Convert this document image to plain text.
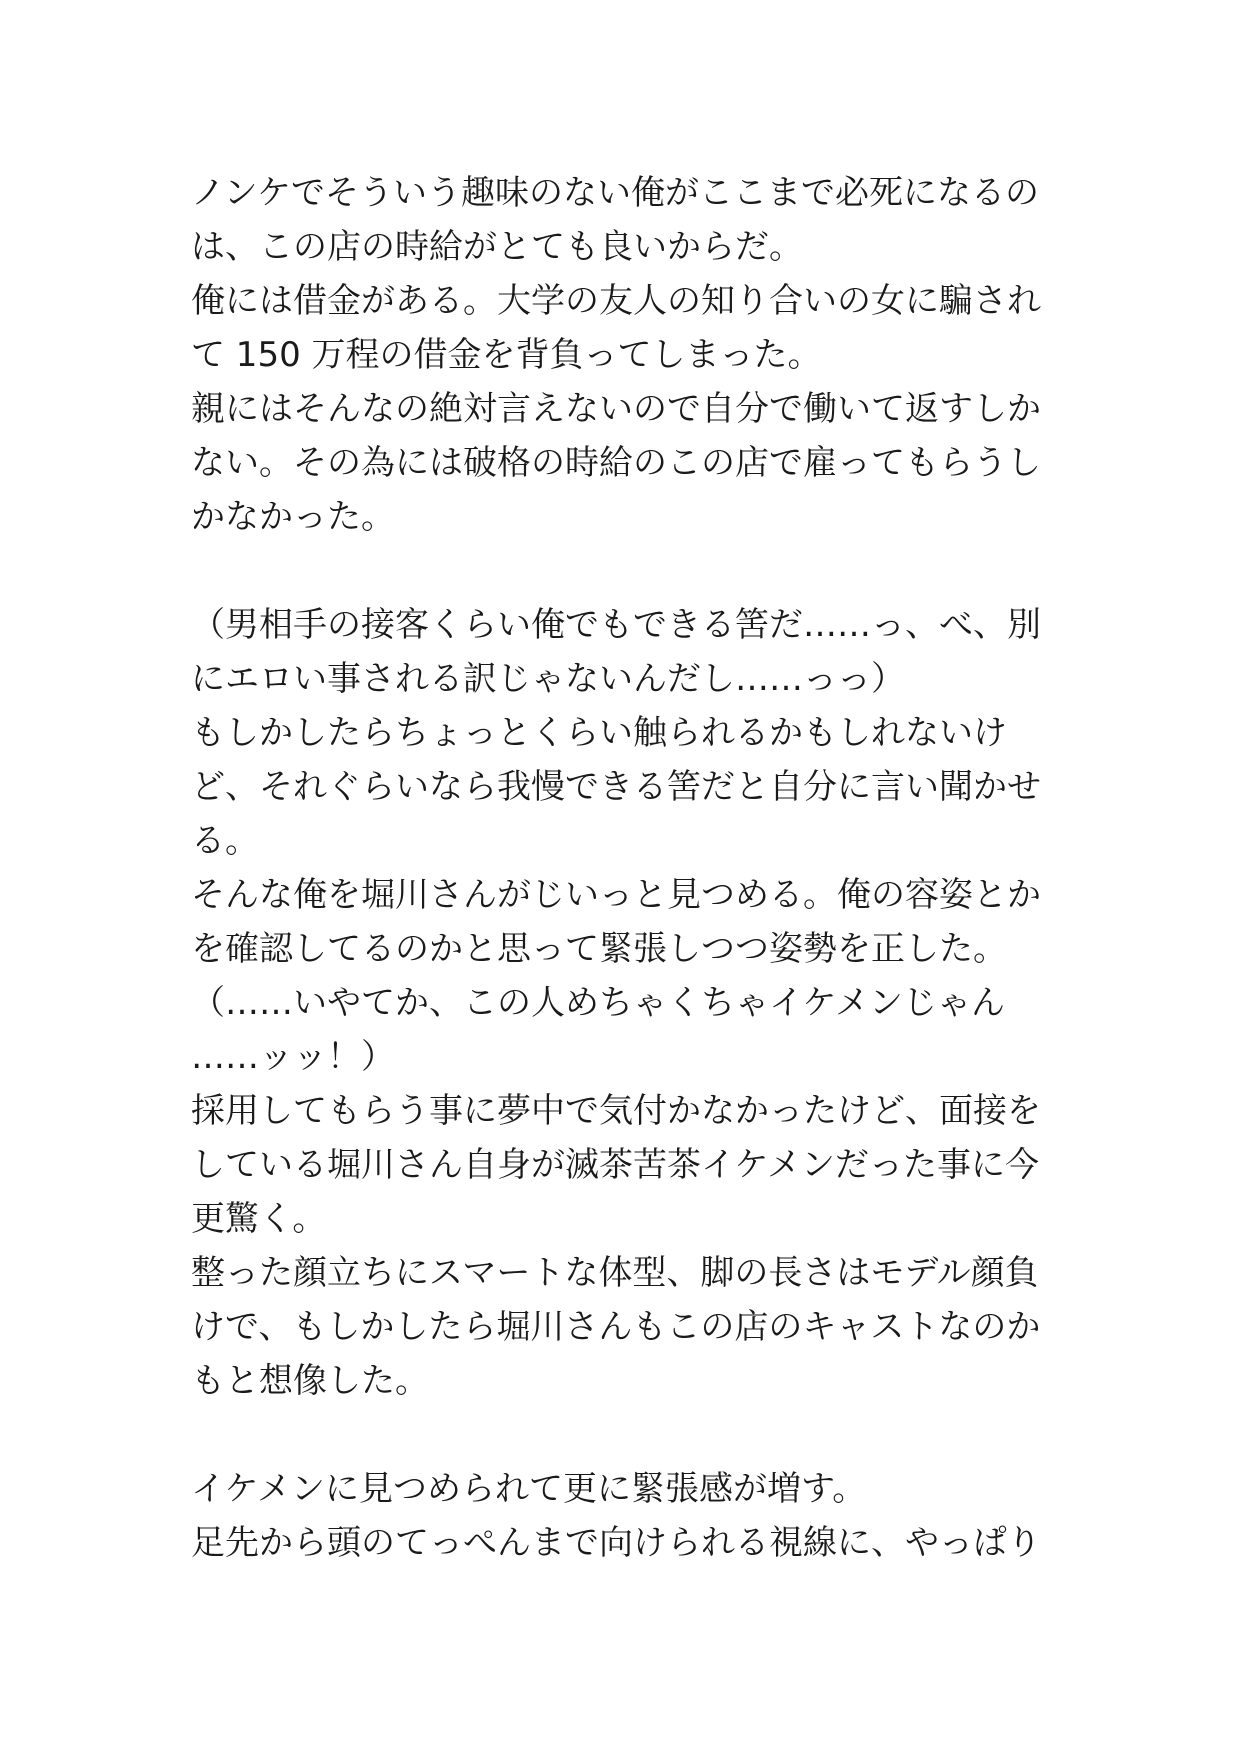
ノンケでそういう趣味のない俺がここまで必死になるの
は、この店の時給がとても良いからだ。
俺には借金がある。大学の友人の知り合いの女に騙され
て 150 万程の借金を背負ってしまった。
親にはそんなの絶対言えないので自分で働いて返すしか
ない。その為には破格の時給のこの店で雇ってもらうし
かなかった。
（男相手の接客くらい俺でもできる筈だ……っ、べ、別
にエロい事される訳じゃないんだし……っっ）
もしかしたらちょっとくらい触られるかもしれないけ
ど、それぐらいなら我慢できる筈だと自分に言い聞かせ
る。
そんな俺を堀川さんがじいっと見つめる。俺の容姿とか
を確認してるのかと思って緊張しつつ姿勢を正した。
（……いやてか、この人めちゃくちゃイケメンじゃん
……ッッ！）
採用してもらう事に夢中で気付かなかったけど、面接を
している堀川さん自身が滅茶苦茶イケメンだった事に今
更驚く。
整った顔立ちにスマートな体型、脚の長さはモデル顔負
けで、もしかしたら堀川さんもこの店のキャストなのか
もと想像した。
イケメンに見つめられて更に緊張感が増す。
足先から頭のてっぺんまで向けられる視線に、やっぱり
